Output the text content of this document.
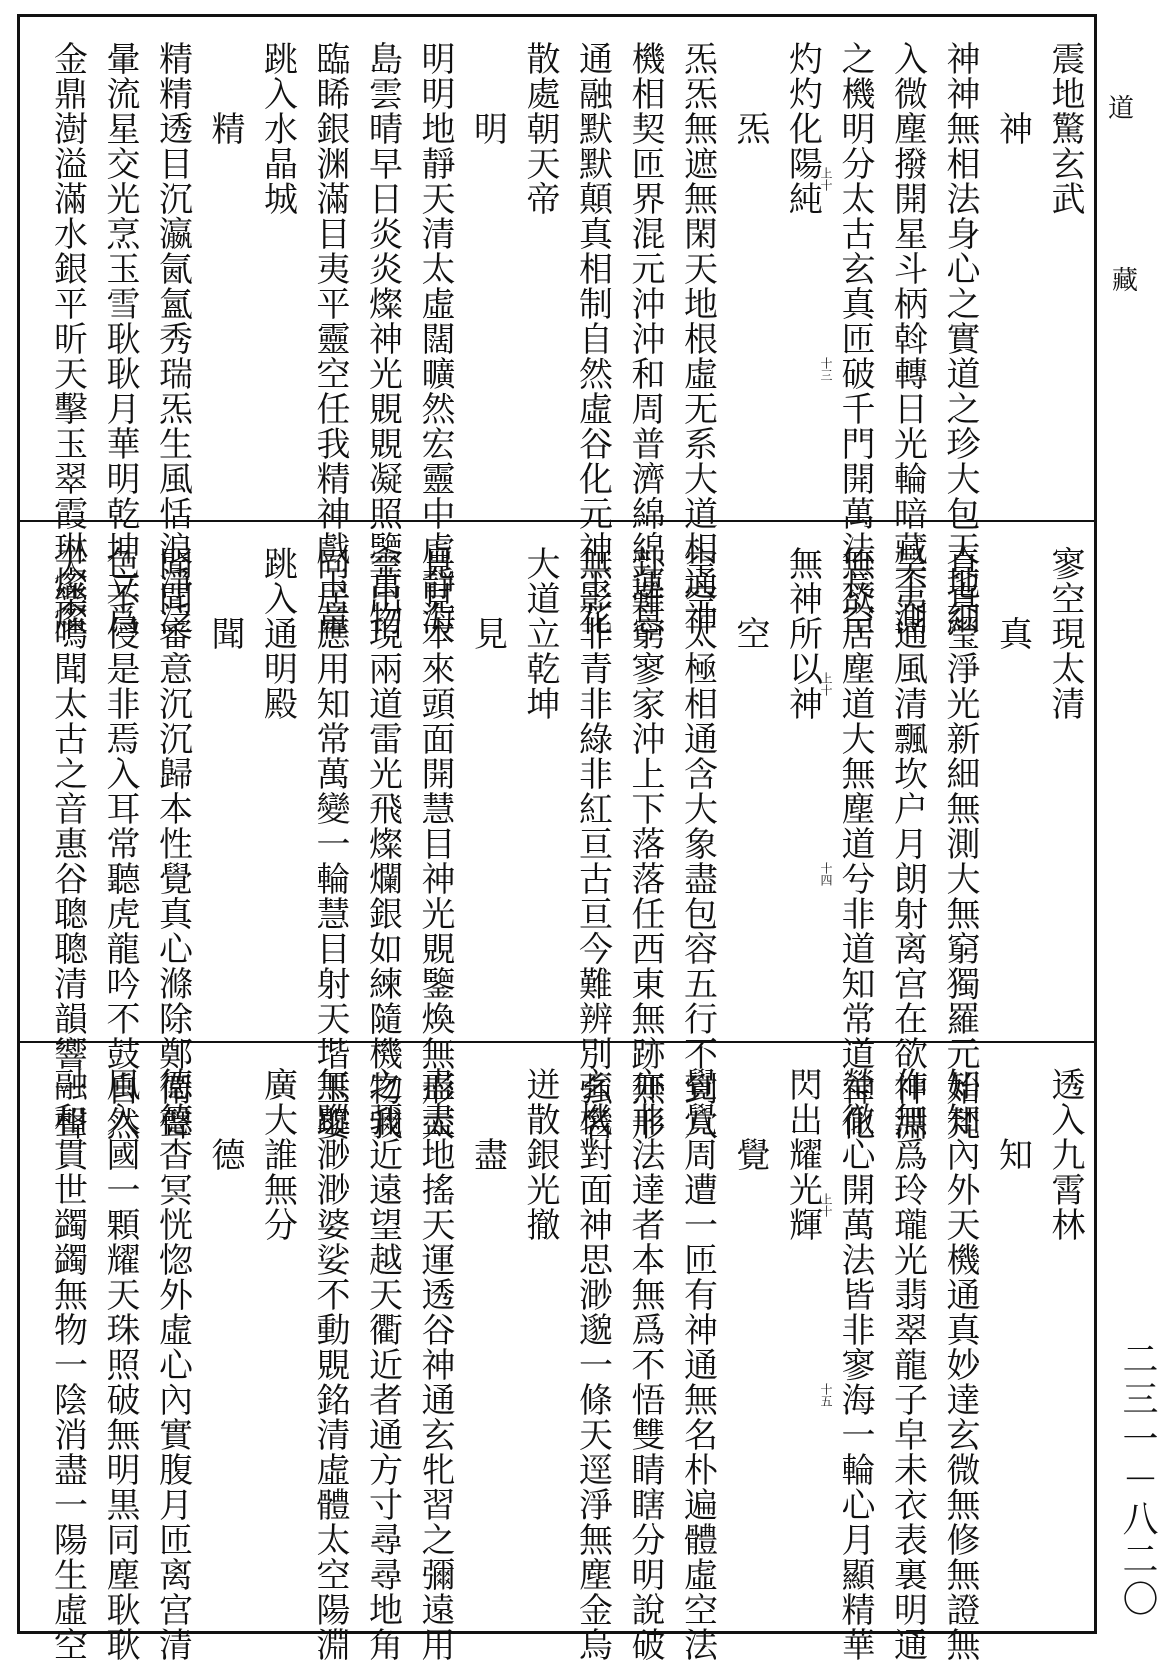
震地驚玄武
　　神
神神無相法身心之實道之珍大包天地細
入微塵撥開星斗柄斡轉日光輪暗藏不測
之機明分太古玄真匝破千門開萬法長空
灼灼化陽純
　　炁
炁炁無遮無閑天地根虛无系大道相通神
機相契匝界混元沖沖和周普濟綿綿運息
通融默默顛真相制自然虛谷化元神玉花
散處朝天帝
　　明
明明地靜天清太虛闊曠然宏靈中虛靜海
島雲晴早日炎炎燦神光覞覞凝照鑒萬物
臨睎銀渊滿目夷平靈空任我精神戲玉童
跳入水晶城
　　精
精精透目沉瀛氤氳秀瑞炁生風恬浪淨泛
暈流星交光烹玉雪耿耿月華明乾坤立爲
金鼎澍溢滿水銀平昕天擊玉翠霞琳燦燦	上十
十三
寥空現太清
　　真
真真瑩淨光新細無測大無窮獨羅元始梵
昊夷通風清飄坎户月朗射离宫在欲神淵
無欲居塵道大無塵道兮非道知常道神化
無神所以神
　　空
空空太極相通含大象盡包容五行不到八
卦難窮寥家沖上下落落任西東無跡無形
無影非青非綠非紅亘古亘今難辨別強名
大道立乾坤
　　見
見見本來頭面開慧目神光覞鑒煥無形太
空出現兩道雷光飛燦爛銀如練隨機物我
同居應用知常萬變一輪慧目射天堦玉嬰
跳入通明殿
　　聞
聞聞審意沉沉歸本性覺真心滌除鄭衛聲
色不侵是非焉入耳常聽虎龍吟不鼓自然
天樂鳴聞太古之音惠谷聰聰清韻響一聲	上十
十四
透入九霄林
　　知
知知內外天機通真妙達玄微無修無證無
作無爲玲瓏光翡翠龍子皁未衣表裏明通
瑩徹心開萬法皆非寥海一輪心月顯精華
閃出耀光輝
　　覺
覺覺周遭一匝有神通無名朴遍體虛空法
亦非法達者本無爲不悟雙睛瞎分明說破
玄機對面神思渺邈一條天逕淨無塵金烏
迸散銀光撤
　　盡
盡盡地搖天運透谷神通玄牝習之彌遠用
之彌近遠望越天衢近者通方寸尋尋地角
無蹤渺渺婆娑不動覞銘清虛體太空陽淵
廣大誰無分
　　德
德德杳冥恍惚外虛心內實腹月匝离宫清
風入國一顆耀天珠照破無明黒同塵耿耿
融和貫世蠲蠲無物一陰消盡一陽生虛空	上十
十五
道
藏
二三一－八二〇
